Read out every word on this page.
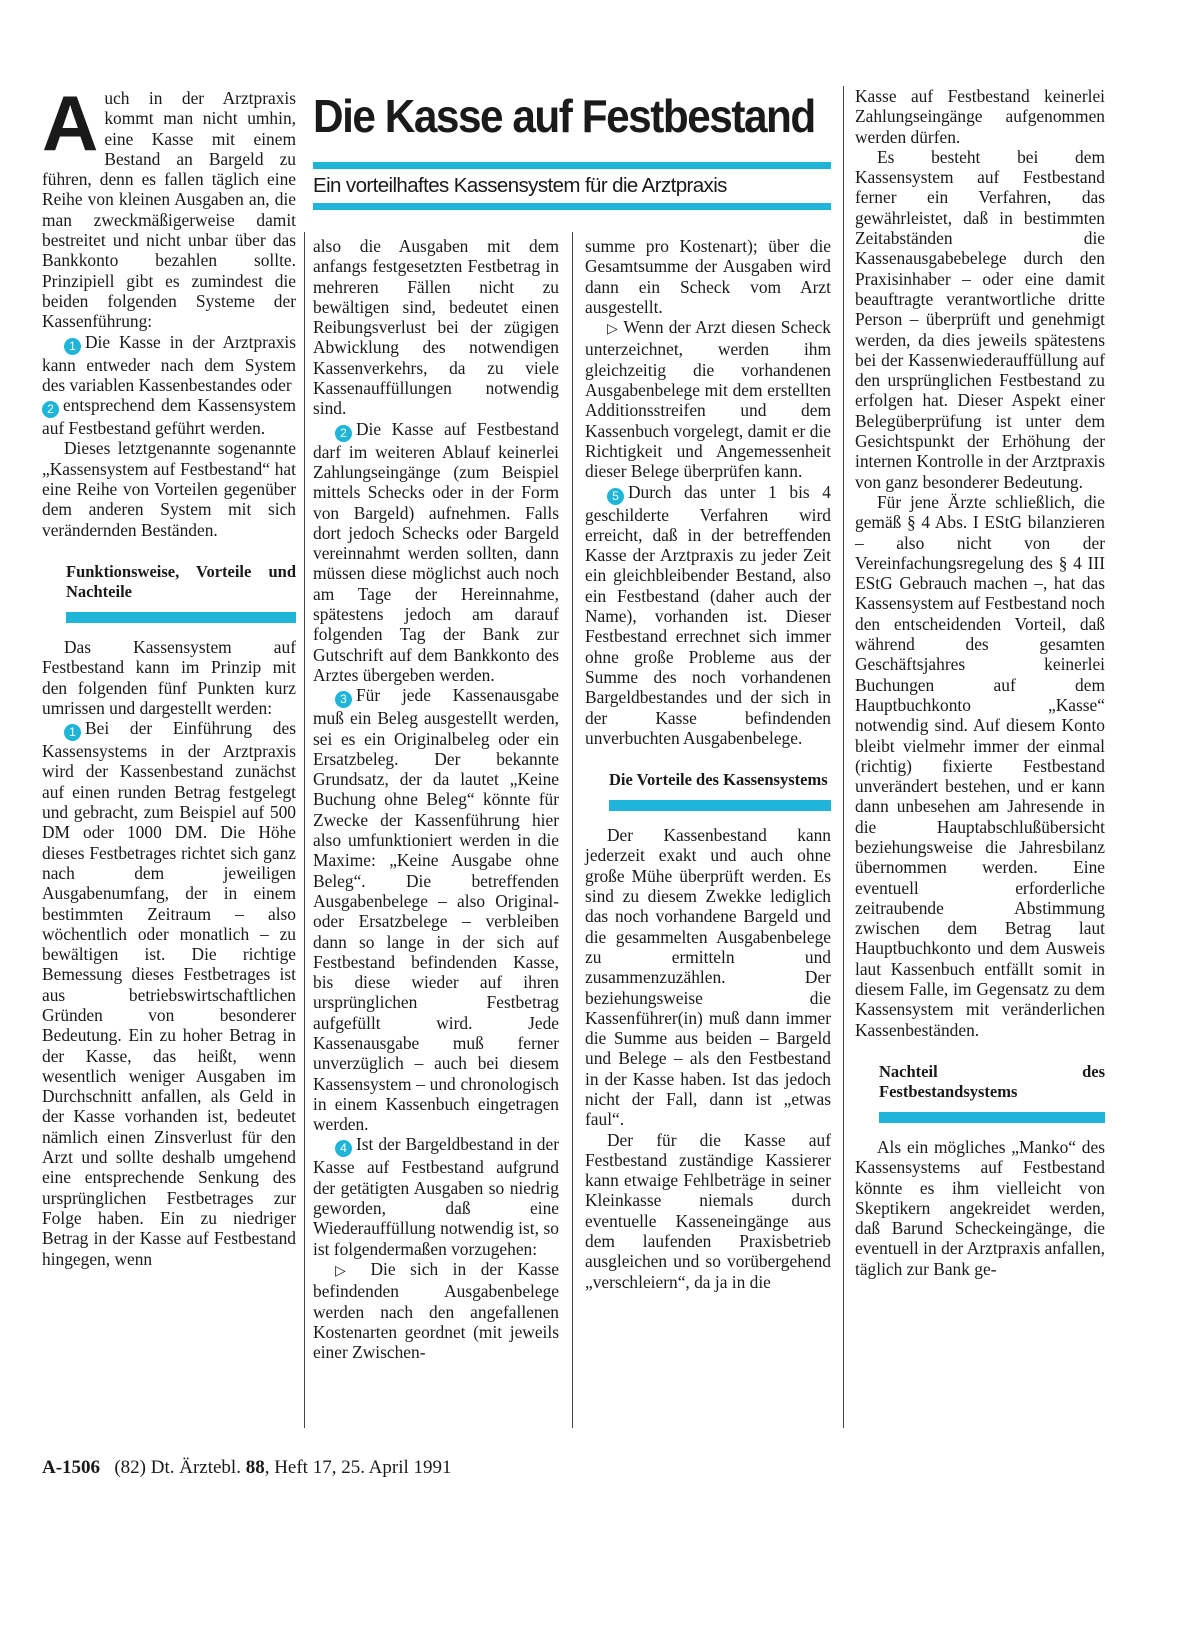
Auch in der Arztpraxis kommt man nicht umhin, eine Kasse mit einem Bestand an Bargeld zu führen, denn es fallen täglich eine Reihe von kleinen Ausgaben an, die man zweckmäßigerweise damit bestreitet und nicht unbar über das Bankkonto bezahlen sollte. Prinzipiell gibt es zumindest die beiden folgenden Systeme der Kassenführung:

1 Die Kasse in der Arztpraxis kann entweder nach dem System des variablen Kassenbestandes oder

2 entsprechend dem Kassensystem auf Festbestand geführt werden.

Dieses letztgenannte sogenannte „Kassensystem auf Festbestand“ hat eine Reihe von Vorteilen gegenüber dem anderen System mit sich verändernden Beständen.

Funktionsweise, Vorteile und Nachteile

Das Kassensystem auf Festbestand kann im Prinzip mit den folgenden fünf Punkten kurz umrissen und dargestellt werden:

1 Bei der Einführung des Kassensystems in der Arztpraxis wird der Kassenbestand zunächst auf einen runden Betrag festgelegt und gebracht, zum Beispiel auf 500 DM oder 1000 DM. Die Höhe dieses Festbetrages richtet sich ganz nach dem jeweiligen Ausgabenumfang, der in einem bestimmten Zeitraum – also wöchentlich oder monatlich – zu bewältigen ist. Die richtige Bemessung dieses Festbetrages ist aus betriebswirtschaftlichen Gründen von besonderer Bedeutung. Ein zu hoher Betrag in der Kasse, das heißt, wenn wesentlich weniger Ausgaben im Durchschnitt anfallen, als Geld in der Kasse vorhanden ist, bedeutet nämlich einen Zinsverlust für den Arzt und sollte deshalb umgehend eine entsprechende Senkung des ursprünglichen Festbetrages zur Folge haben. Ein zu niedriger Betrag in der Kasse auf Festbestand hingegen, wenn

Die Kasse auf Festbestand
Ein vorteilhaftes Kassensystem für die Arztpraxis

also die Ausgaben mit dem anfangs festgesetzten Festbetrag in mehreren Fällen nicht zu bewältigen sind, bedeutet einen Reibungsverlust bei der zügigen Abwicklung des notwendigen Kassenverkehrs, da zu viele Kassenauffüllungen notwendig sind.

2 Die Kasse auf Festbestand darf im weiteren Ablauf keinerlei Zahlungseingänge (zum Beispiel mittels Schecks oder in der Form von Bargeld) aufnehmen. Falls dort jedoch Schecks oder Bargeld vereinnahmt werden sollten, dann müssen diese möglichst auch noch am Tage der Hereinnahme, spätestens jedoch am darauf folgenden Tag der Bank zur Gutschrift auf dem Bankkonto des Arztes übergeben werden.

3 Für jede Kassenausgabe muß ein Beleg ausgestellt werden, sei es ein Originalbeleg oder ein Ersatzbeleg. Der bekannte Grundsatz, der da lautet „Keine Buchung ohne Beleg“ könnte für Zwecke der Kassenführung hier also umfunktioniert werden in die Maxime: „Keine Ausgabe ohne Beleg“. Die betreffenden Ausgabenbelege – also Original- oder Ersatzbelege – verbleiben dann so lange in der sich auf Festbestand befindenden Kasse, bis diese wieder auf ihren ursprünglichen Festbetrag aufgefüllt wird. Jede Kassenausgabe muß ferner unverzüglich – auch bei diesem Kassensystem – und chronologisch in einem Kassenbuch eingetragen werden.

4 Ist der Bargeldbestand in der Kasse auf Festbestand aufgrund der getätigten Ausgaben so niedrig geworden, daß eine Wiederauffüllung notwendig ist, so ist folgendermaßen vorzugehen:

▷ Die sich in der Kasse befindenden Ausgabenbelege werden nach den angefallenen Kostenarten geordnet (mit jeweils einer Zwischen-

summe pro Kostenart); über die Gesamtsumme der Ausgaben wird dann ein Scheck vom Arzt ausgestellt.

▷ Wenn der Arzt diesen Scheck unterzeichnet, werden ihm gleichzeitig die vorhandenen Ausgabenbelege mit dem erstellten Additionsstreifen und dem Kassenbuch vorgelegt, damit er die Richtigkeit und Angemessenheit dieser Belege überprüfen kann.

5 Durch das unter 1 bis 4 geschilderte Verfahren wird erreicht, daß in der betreffenden Kasse der Arztpraxis zu jeder Zeit ein gleichbleibender Bestand, also ein Festbestand (daher auch der Name), vorhanden ist. Dieser Festbestand errechnet sich immer ohne große Probleme aus der Summe des noch vorhandenen Bargeldbestandes und der sich in der Kasse befindenden unverbuchten Ausgabenbelege.

Die Vorteile des Kassensystems

Der Kassenbestand kann jederzeit exakt und auch ohne große Mühe überprüft werden. Es sind zu diesem Zwekke lediglich das noch vorhandene Bargeld und die gesammelten Ausgabenbelege zu ermitteln und zusammenzuzählen. Der beziehungsweise die Kassenführer(in) muß dann immer die Summe aus beiden – Bargeld und Belege – als den Festbestand in der Kasse haben. Ist das jedoch nicht der Fall, dann ist „etwas faul“.

Der für die Kasse auf Festbestand zuständige Kassierer kann etwaige Fehlbeträge in seiner Kleinkasse niemals durch eventuelle Kasseneingänge aus dem laufenden Praxisbetrieb ausgleichen und so vorübergehend „verschleiern“, da ja in die

Kasse auf Festbestand keinerlei Zahlungseingänge aufgenommen werden dürfen.

Es besteht bei dem Kassensystem auf Festbestand ferner ein Verfahren, das gewährleistet, daß in bestimmten Zeitabständen die Kassenausgabebelege durch den Praxisinhaber – oder eine damit beauftragte verantwortliche dritte Person – überprüft und genehmigt werden, da dies jeweils spätestens bei der Kassenwiederauffüllung auf den ursprünglichen Festbestand zu erfolgen hat. Dieser Aspekt einer Belegüberprüfung ist unter dem Gesichtspunkt der Erhöhung der internen Kontrolle in der Arztpraxis von ganz besonderer Bedeutung.

Für jene Ärzte schließlich, die gemäß § 4 Abs. I EStG bilanzieren – also nicht von der Vereinfachungsregelung des § 4 III EStG Gebrauch machen –, hat das Kassensystem auf Festbestand noch den entscheidenden Vorteil, daß während des gesamten Geschäftsjahres keinerlei Buchungen auf dem Hauptbuchkonto „Kasse“ notwendig sind. Auf diesem Konto bleibt vielmehr immer der einmal (richtig) fixierte Festbestand unverändert bestehen, und er kann dann unbesehen am Jahresende in die Hauptabschlußübersicht beziehungsweise die Jahresbilanz übernommen werden. Eine eventuell erforderliche zeitraubende Abstimmung zwischen dem Betrag laut Hauptbuchkonto und dem Ausweis laut Kassenbuch entfällt somit in diesem Falle, im Gegensatz zu dem Kassensystem mit veränderlichen Kassenbeständen.

Nachteil des Festbestandsystems

Als ein mögliches „Manko“ des Kassensystems auf Festbestand könnte es ihm vielleicht von Skeptikern angekreidet werden, daß Barund Scheckeingänge, die eventuell in der Arztpraxis anfallen, täglich zur Bank ge-

A-1506 (82) Dt. Ärztebl. 88, Heft 17, 25. April 1991
